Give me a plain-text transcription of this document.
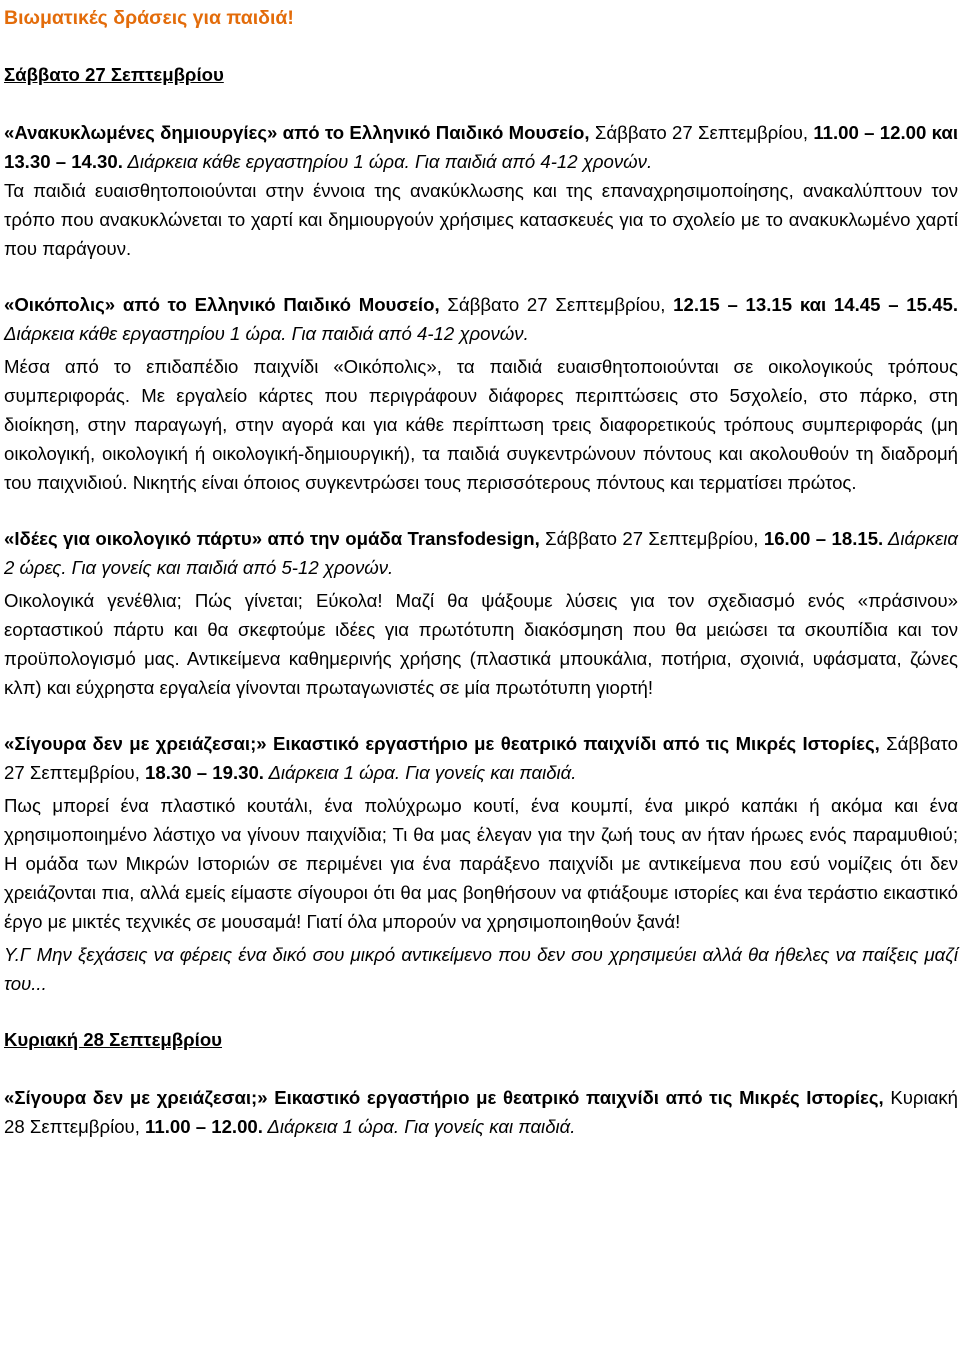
Βιωματικές δράσεις για παιδιά!

Σάββατο 27 Σεπτεμβρίου

«Ανακυκλωμένες δημιουργίες» από το Ελληνικό Παιδικό Μουσείο, Σάββατο 27 Σεπτεμβρίου, 11.00 – 12.00 και 13.30 – 14.30. Διάρκεια κάθε εργαστηρίου 1 ώρα. Για παιδιά από 4-12 χρονών.

Τα παιδιά ευαισθητοποιούνται στην έννοια της ανακύκλωσης και της επαναχρησιμοποίησης, ανακαλύπτουν τον τρόπο που ανακυκλώνεται το χαρτί και δημιουργούν χρήσιμες κατασκευές για το σχολείο με το ανακυκλωμένο χαρτί που παράγουν.

«Οικόπολις» από το Ελληνικό Παιδικό Μουσείο, Σάββατο 27 Σεπτεμβρίου, 12.15 – 13.15 και 14.45 – 15.45. Διάρκεια κάθε εργαστηρίου 1 ώρα. Για παιδιά από 4-12 χρονών.

Μέσα από το επιδαπέδιο παιχνίδι «Οικόπολις», τα παιδιά ευαισθητοποιούνται σε οικολογικούς τρόπους συμπεριφοράς. Με εργαλείο κάρτες που περιγράφουν διάφορες περιπτώσεις στο 5σχολείο, στο πάρκο, στη διοίκηση, στην παραγωγή, στην αγορά και για κάθε περίπτωση τρεις διαφορετικούς τρόπους συμπεριφοράς (μη οικολογική, οικολογική ή οικολογική-δημιουργική), τα παιδιά συγκεντρώνουν πόντους και ακολουθούν τη διαδρομή του παιχνιδιού. Νικητής είναι όποιος συγκεντρώσει τους περισσότερους πόντους και τερματίσει πρώτος.

«Ιδέες για οικολογικό πάρτυ» από την ομάδα Transfodesign, Σάββατο 27 Σεπτεμβρίου, 16.00 – 18.15. Διάρκεια 2 ώρες. Για γονείς και παιδιά από 5-12 χρονών.

Οικολογικά γενέθλια; Πώς γίνεται; Εύκολα! Μαζί θα ψάξουμε λύσεις για τον σχεδιασμό ενός «πράσινου» εορταστικού πάρτυ και θα σκεφτούμε ιδέες για πρωτότυπη διακόσμηση που θα μειώσει τα σκουπίδια και τον προϋπολογισμό μας. Αντικείμενα καθημερινής χρήσης (πλαστικά μπουκάλια, ποτήρια, σχοινιά, υφάσματα, ζώνες κλπ) και εύχρηστα εργαλεία γίνονται πρωταγωνιστές σε μία πρωτότυπη γιορτή!

«Σίγουρα δεν με χρειάζεσαι;» Εικαστικό εργαστήριο με θεατρικό παιχνίδι από τις Μικρές Ιστορίες, Σάββατο 27 Σεπτεμβρίου, 18.30 – 19.30. Διάρκεια 1 ώρα. Για γονείς και παιδιά.

Πως μπορεί ένα πλαστικό κουτάλι, ένα πολύχρωμο κουτί, ένα κουμπί, ένα μικρό καπάκι ή ακόμα και ένα χρησιμοποιημένο λάστιχο να γίνουν παιχνίδια; Τι θα μας έλεγαν για την ζωή τους αν ήταν ήρωες ενός παραμυθιού; Η ομάδα των Μικρών Ιστοριών σε περιμένει για ένα παράξενο παιχνίδι με αντικείμενα που εσύ νομίζεις ότι δεν χρειάζονται πια, αλλά εμείς είμαστε σίγουροι ότι θα μας βοηθήσουν να φτιάξουμε ιστορίες και ένα τεράστιο εικαστικό έργο με μικτές τεχνικές σε μουσαμά! Γιατί όλα μπορούν να χρησιμοποιηθούν ξανά!

Υ.Γ Μην ξεχάσεις να φέρεις ένα δικό σου μικρό αντικείμενο που δεν σου χρησιμεύει αλλά θα ήθελες να παίξεις μαζί του...

Κυριακή 28 Σεπτεμβρίου

«Σίγουρα δεν με χρειάζεσαι;» Εικαστικό εργαστήριο με θεατρικό παιχνίδι από τις Μικρές Ιστορίες, Κυριακή 28 Σεπτεμβρίου, 11.00 – 12.00. Διάρκεια 1 ώρα. Για γονείς και παιδιά.
